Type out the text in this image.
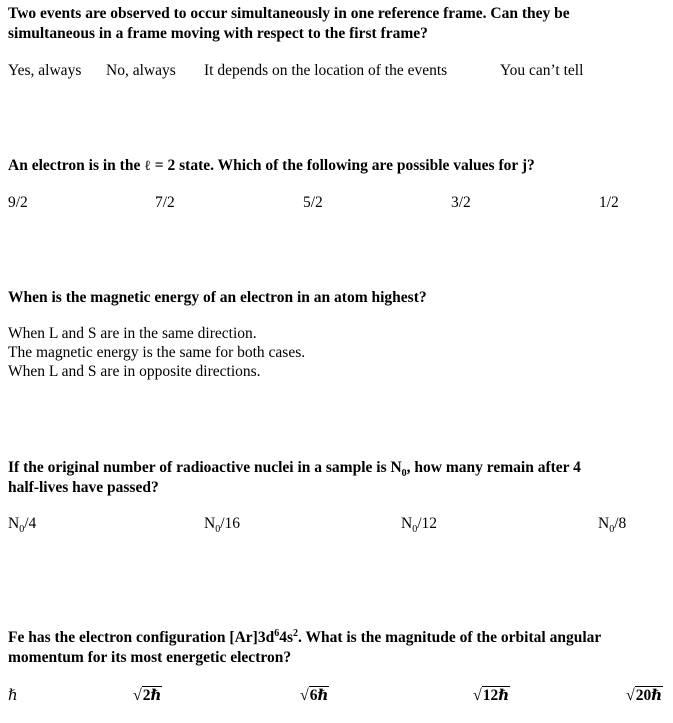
Two events are observed to occur simultaneously in one reference frame. Can they be
simultaneous in a frame moving with respect to the first frame?
Yes, always No, always It depends on the location of the events	You can’t tell
An electron is in the ℓ = 2 state. Which of the following are possible values for j?
9/2	7/2	5/2	3/2	1/2
When is the magnetic energy of an electron in an atom highest?
When L and S are in the same direction.
The magnetic energy is the same for both cases.
When L and S are in opposite directions.
If the original number of radioactive nuclei in a sample is $N_0$, how many remain after 4
half-lives have passed?
$N_0/4$	$N_0/16$	$N_0/12$	$N_0/8$
Fe has the electron configuration $[Ar]3d^64s^2$. What is the magnitude of the orbital angular
momentum for its most energetic electron?
ℏ	√2ℏ	√6ℏ	√12ℏ	√20ℏ
